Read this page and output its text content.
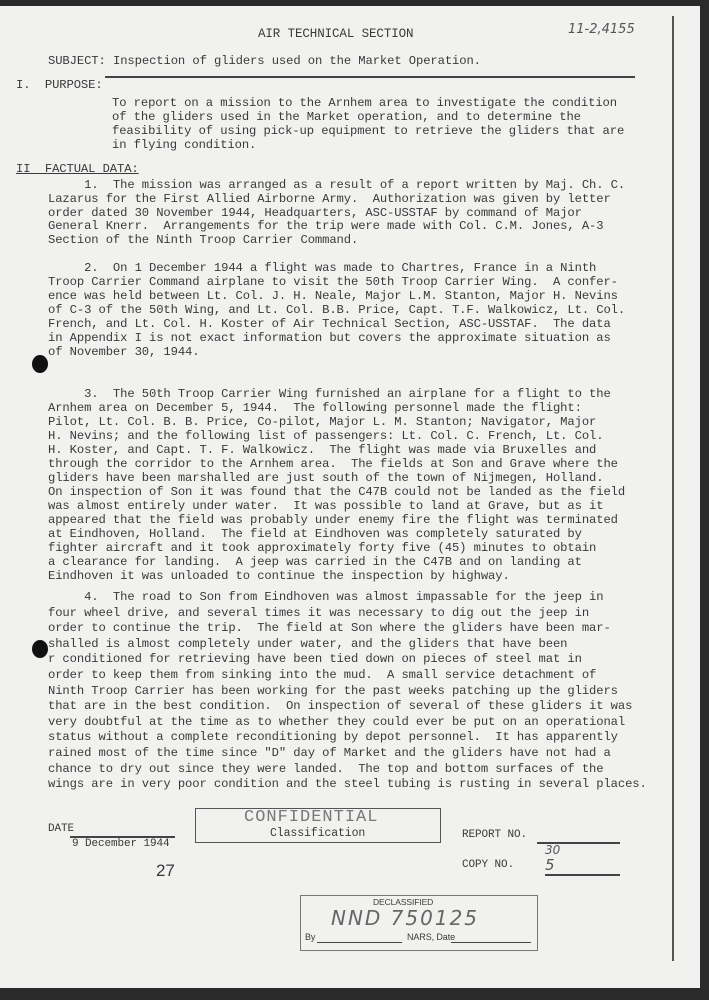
AIR TECHNICAL SECTION	11-2,4155
SUBJECT: Inspection of gliders used on the Market Operation.
I.  PURPOSE:
II  FACTUAL DATA:
DATE
9 December 1944
27
CONFIDENTIAL
Classification	REPORT NO.
30
COPY NO. 5
DECLASSIFIED
NND 750125
By	NARS, Date
To report on a mission to the Arnhem area to investigate the condition
of the gliders used in the Market operation, and to determine the
feasibility of using pick-up equipment to retrieve the gliders that are
in flying condition.
1.  The mission was arranged as a result of a report written by Maj. Ch. C.
Lazarus for the First Allied Airborne Army.  Authorization was given by letter
order dated 30 November 1944, Headquarters, ASC-USSTAF by command of Major
General Knerr.  Arrangements for the trip were made with Col. C.M. Jones, A-3
Section of the Ninth Troop Carrier Command.
2.  On 1 December 1944 a flight was made to Chartres, France in a Ninth
Troop Carrier Command airplane to visit the 50th Troop Carrier Wing.  A confer-
ence was held between Lt. Col. J. H. Neale, Major L.M. Stanton, Major H. Nevins
of C-3 of the 50th Wing, and Lt. Col. B.B. Price, Capt. T.F. Walkowicz, Lt. Col.
French, and Lt. Col. H. Koster of Air Technical Section, ASC-USSTAF.  The data
in Appendix I is not exact information but covers the approximate situation as
of November 30, 1944.
3.  The 50th Troop Carrier Wing furnished an airplane for a flight to the
Arnhem area on December 5, 1944.  The following personnel made the flight:
Pilot, Lt. Col. B. B. Price, Co-pilot, Major L. M. Stanton; Navigator, Major
H. Nevins; and the following list of passengers: Lt. Col. C. French, Lt. Col.
H. Koster, and Capt. T. F. Walkowicz.  The flight was made via Bruxelles and
through the corridor to the Arnhem area.  The fields at Son and Grave where the
gliders have been marshalled are just south of the town of Nijmegen, Holland.
On inspection of Son it was found that the C47B could not be landed as the field
was almost entirely under water.  It was possible to land at Grave, but as it
appeared that the field was probably under enemy fire the flight was terminated
at Eindhoven, Holland.  The field at Eindhoven was completely saturated by
fighter aircraft and it took approximately forty five (45) minutes to obtain
a clearance for landing.  A jeep was carried in the C47B and on landing at
Eindhoven it was unloaded to continue the inspection by highway.
4.  The road to Son from Eindhoven was almost impassable for the jeep in
four wheel drive, and several times it was necessary to dig out the jeep in
order to continue the trip.  The field at Son where the gliders have been mar-
shalled is almost completely under water, and the gliders that have been
r conditioned for retrieving have been tied down on pieces of steel mat in
order to keep them from sinking into the mud.  A small service detachment of
Ninth Troop Carrier has been working for the past weeks patching up the gliders
that are in the best condition.  On inspection of several of these gliders it was
very doubtful at the time as to whether they could ever be put on an operational
status without a complete reconditioning by depot personnel.  It has apparently
rained most of the time since "D" day of Market and the gliders have not had a
chance to dry out since they were landed.  The top and bottom surfaces of the
wings are in very poor condition and the steel tubing is rusting in several places.
